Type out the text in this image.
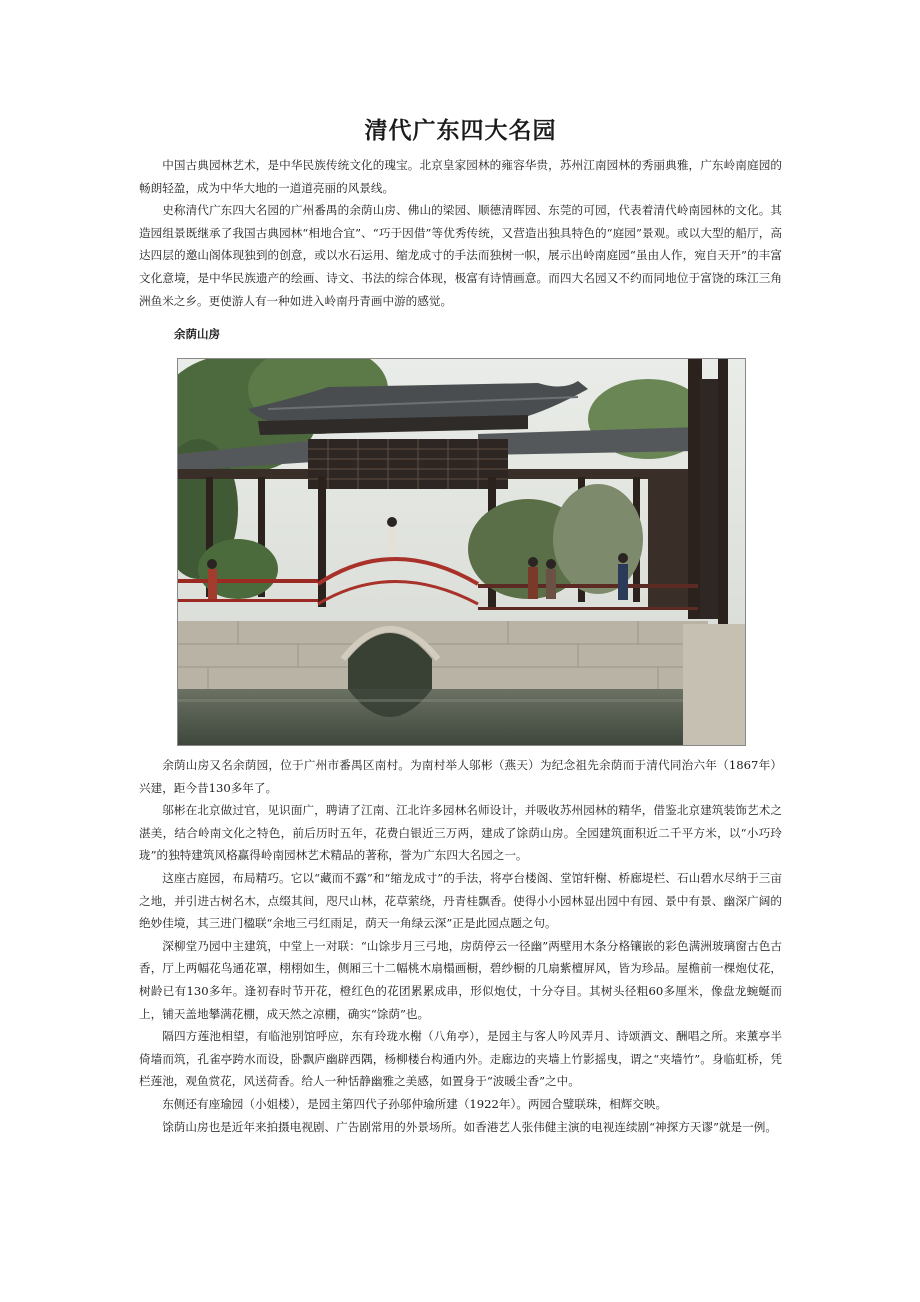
清代广东四大名园

中国古典园林艺术，是中华民族传统文化的瑰宝。北京皇家园林的雍容华贵，苏州江南园林的秀丽典雅，广东岭南庭园的畅朗轻盈，成为中华大地的一道道亮丽的风景线。

史称清代广东四大名园的广州番禺的余荫山房、佛山的梁园、顺德清晖园、东莞的可园，代表着清代岭南园林的文化。其造园组景既继承了我国古典园林“相地合宜”、“巧于因借”等优秀传统，又营造出独具特色的“庭园”景观。或以大型的船厅，高达四层的邀山阁体现独到的创意，或以水石运用、缩龙成寸的手法而独树一帜，展示出岭南庭园“虽由人作，宛自天开”的丰富文化意境，是中华民族遗产的绘画、诗文、书法的综合体现，极富有诗情画意。而四大名园又不约而同地位于富饶的珠江三角洲鱼米之乡。更使游人有一种如进入岭南丹青画中游的感觉。

余荫山房

余荫山房又名余荫园，位于广州市番禺区南村。为南村举人邬彬（燕天）为纪念祖先余荫而于清代同治六年（1867年）兴建，距今昔130多年了。

邬彬在北京做过官，见识面广，聘请了江南、江北许多园林名师设计，并吸收苏州园林的精华，借鉴北京建筑装饰艺术之湛美，结合岭南文化之特色，前后历时五年，花费白银近三万两，建成了馀荫山房。全园建筑面积近二千平方米，以“小巧玲珑”的独特建筑风格赢得岭南园林艺术精品的著称，誉为广东四大名园之一。

这座古庭园，布局精巧。它以“藏而不露”和“缩龙成寸”的手法，将亭台楼阁、堂馆轩榭、桥廊堤栏、石山碧水尽纳于三亩之地，并引进古树名木，点缀其间，咫尺山林，花草萦绕，丹青桂飘香。使得小小园林显出园中有园、景中有景、幽深广阔的绝妙佳境，其三进门楹联“余地三弓红雨足，荫天一角绿云深”正是此园点题之句。

深柳堂乃园中主建筑，中堂上一对联：“山馀步月三弓地，房荫停云一径幽”两壁用木条分格镶嵌的彩色满洲玻璃窗古色古香，厅上两幅花鸟通花罩，栩栩如生，侧厢三十二幅桃木扇榻画橱，碧纱橱的几扇紫檀屏风，皆为珍品。屋檐前一棵炮仗花，树龄已有130多年。逢初春时节开花，橙红色的花团累累成串，形似炮仗，十分夺目。其树头径粗60多厘米，像盘龙蜿蜒而上，铺天盖地攀满花棚，成天然之凉棚，确实“馀荫”也。

隔四方莲池相望，有临池别馆呼应，东有玲珑水榭（八角亭），是园主与客人吟风弄月、诗颂酒文、酬唱之所。来薰亭半倚墙而筑，孔雀亭跨水而设，卧飘庐幽辟西隅，杨柳楼台构通内外。走廊边的夹墙上竹影摇曳，谓之“夹墙竹”。身临虹桥，凭栏莲池，观鱼赏花，风送荷香。给人一种恬静幽雅之美感，如置身于“波暖尘香”之中。

东侧还有座瑜园（小姐楼），是园主第四代子孙邬仲瑜所建（1922年）。两园合璧联珠，相辉交映。

馀荫山房也是近年来拍摄电视剧、广告剧常用的外景场所。如香港艺人张伟健主演的电视连续剧“神探方天谬”就是一例。
